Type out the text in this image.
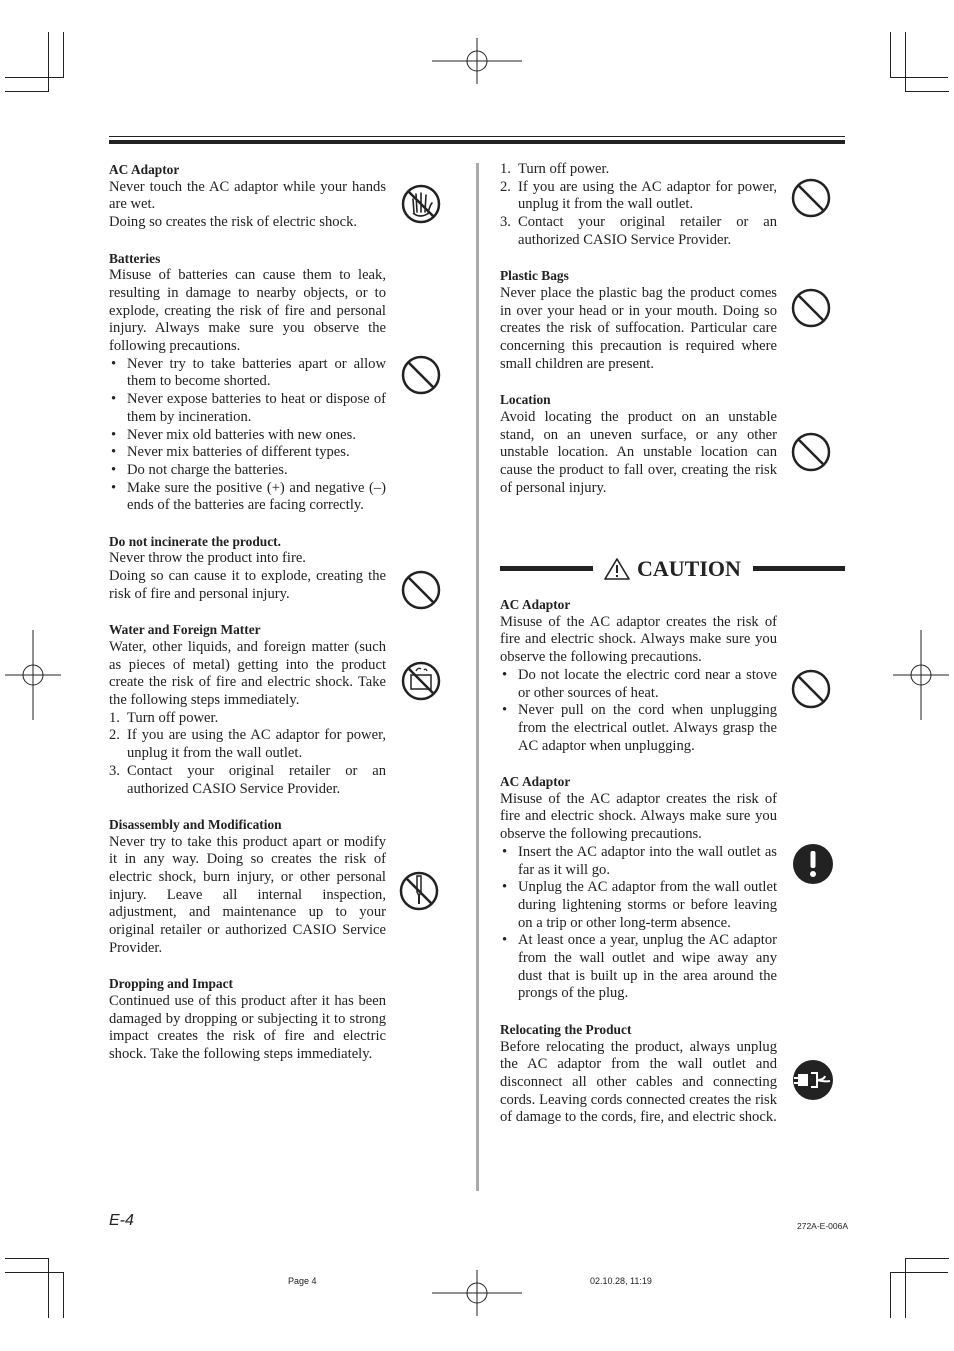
AC Adaptor

Never touch the AC adaptor while your hands are wet.

Doing so creates the risk of electric shock.

Batteries

Misuse of batteries can cause them to leak, resulting in damage to nearby objects, or to explode, creating the risk of fire and personal injury. Always make sure you observe the following precautions.

• Never try to take batteries apart or allow them to become shorted.
• Never expose batteries to heat or dispose of them by incineration.
• Never mix old batteries with new ones.
• Never mix batteries of different types.
• Do not charge the batteries.
• Make sure the positive (+) and negative (–) ends of the batteries are facing correctly.

Do not incinerate the product.

Never throw the product into fire.

Doing so can cause it to explode, creating the risk of fire and personal injury.

Water and Foreign Matter

Water, other liquids, and foreign matter (such as pieces of metal) getting into the product create the risk of fire and electric shock. Take the following steps immediately.

1. Turn off power.
2. If you are using the AC adaptor for power, unplug it from the wall outlet.
3. Contact your original retailer or an authorized CASIO Service Provider.

Disassembly and Modification

Never try to take this product apart or modify it in any way. Doing so creates the risk of electric shock, burn injury, or other personal injury. Leave all internal inspection, adjustment, and maintenance up to your original retailer or authorized CASIO Service Provider.

Dropping and Impact

Continued use of this product after it has been damaged by dropping or subjecting it to strong impact creates the risk of fire and electric shock. Take the following steps immediately.

1. Turn off power.
2. If you are using the AC adaptor for power, unplug it from the wall outlet.
3. Contact your original retailer or an authorized CASIO Service Provider.

Plastic Bags

Never place the plastic bag the product comes in over your head or in your mouth. Doing so creates the risk of suffocation. Particular care concerning this precaution is required where small children are present.

Location

Avoid locating the product on an unstable stand, on an uneven surface, or any other unstable location. An unstable location can cause the product to fall over, creating the risk of personal injury.

CAUTION

AC Adaptor

Misuse of the AC adaptor creates the risk of fire and electric shock. Always make sure you observe the following precautions.

• Do not locate the electric cord near a stove or other sources of heat.
• Never pull on the cord when unplugging from the electrical outlet. Always grasp the AC adaptor when unplugging.

AC Adaptor

Misuse of the AC adaptor creates the risk of fire and electric shock. Always make sure you observe the following precautions.

• Insert the AC adaptor into the wall outlet as far as it will go.
• Unplug the AC adaptor from the wall outlet during lightening storms or before leaving on a trip or other long-term absence.
• At least once a year, unplug the AC adaptor from the wall outlet and wipe away any dust that is built up in the area around the prongs of the plug.

Relocating the Product

Before relocating the product, always unplug the AC adaptor from the wall outlet and disconnect all other cables and connecting cords. Leaving cords connected creates the risk of damage to the cords, fire, and electric shock.

E-4	272A-E-006A
Page 4	02.10.28, 11:19
